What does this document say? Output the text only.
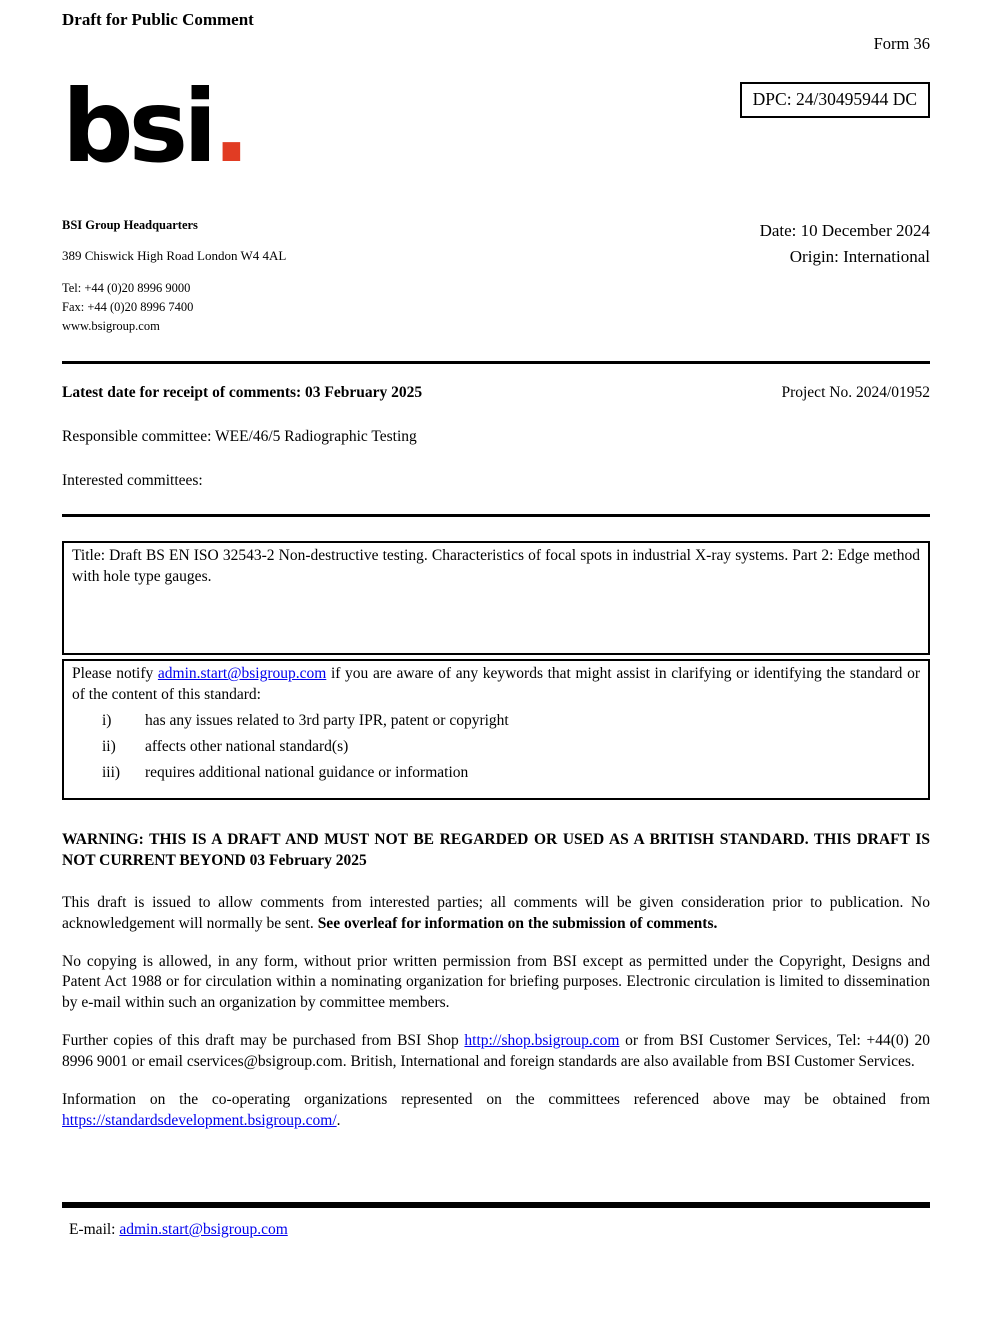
Draft for Public Comment
Form 36
bsi.	DPC: 24/30495944 DC
BSI Group Headquarters
389 Chiswick High Road London W4 4AL
Tel: +44 (0)20 8996 9000
Fax: +44 (0)20 8996 7400
www.bsigroup.com
Date: 10 December 2024
Origin: International
Latest date for receipt of comments: 03 February 2025	Project No. 2024/01952
Responsible committee: WEE/46/5 Radiographic Testing
Interested committees:
Title: Draft BS EN ISO 32543-2 Non-destructive testing. Characteristics of focal spots in industrial X-ray systems. Part 2: Edge method with hole type gauges.
Please notify admin.start@bsigroup.com if you are aware of any keywords that might assist in clarifying or identifying the standard or of the content of this standard:
i)	has any issues related to 3rd party IPR, patent or copyright
ii)	affects other national standard(s)
iii)	requires additional national guidance or information
WARNING: THIS IS A DRAFT AND MUST NOT BE REGARDED OR USED AS A BRITISH STANDARD. THIS DRAFT IS NOT CURRENT BEYOND 03 February 2025

This draft is issued to allow comments from interested parties; all comments will be given consideration prior to publication. No acknowledgement will normally be sent. See overleaf for information on the submission of comments.

No copying is allowed, in any form, without prior written permission from BSI except as permitted under the Copyright, Designs and Patent Act 1988 or for circulation within a nominating organization for briefing purposes. Electronic circulation is limited to dissemination by e-mail within such an organization by committee members.

Further copies of this draft may be purchased from BSI Shop http://shop.bsigroup.com or from BSI Customer Services, Tel: +44(0) 20 8996 9001 or email cservices@bsigroup.com. British, International and foreign standards are also available from BSI Customer Services.

Information on the co-operating organizations represented on the committees referenced above may be obtained from https://standardsdevelopment.bsigroup.com/.

E-mail: admin.start@bsigroup.com
